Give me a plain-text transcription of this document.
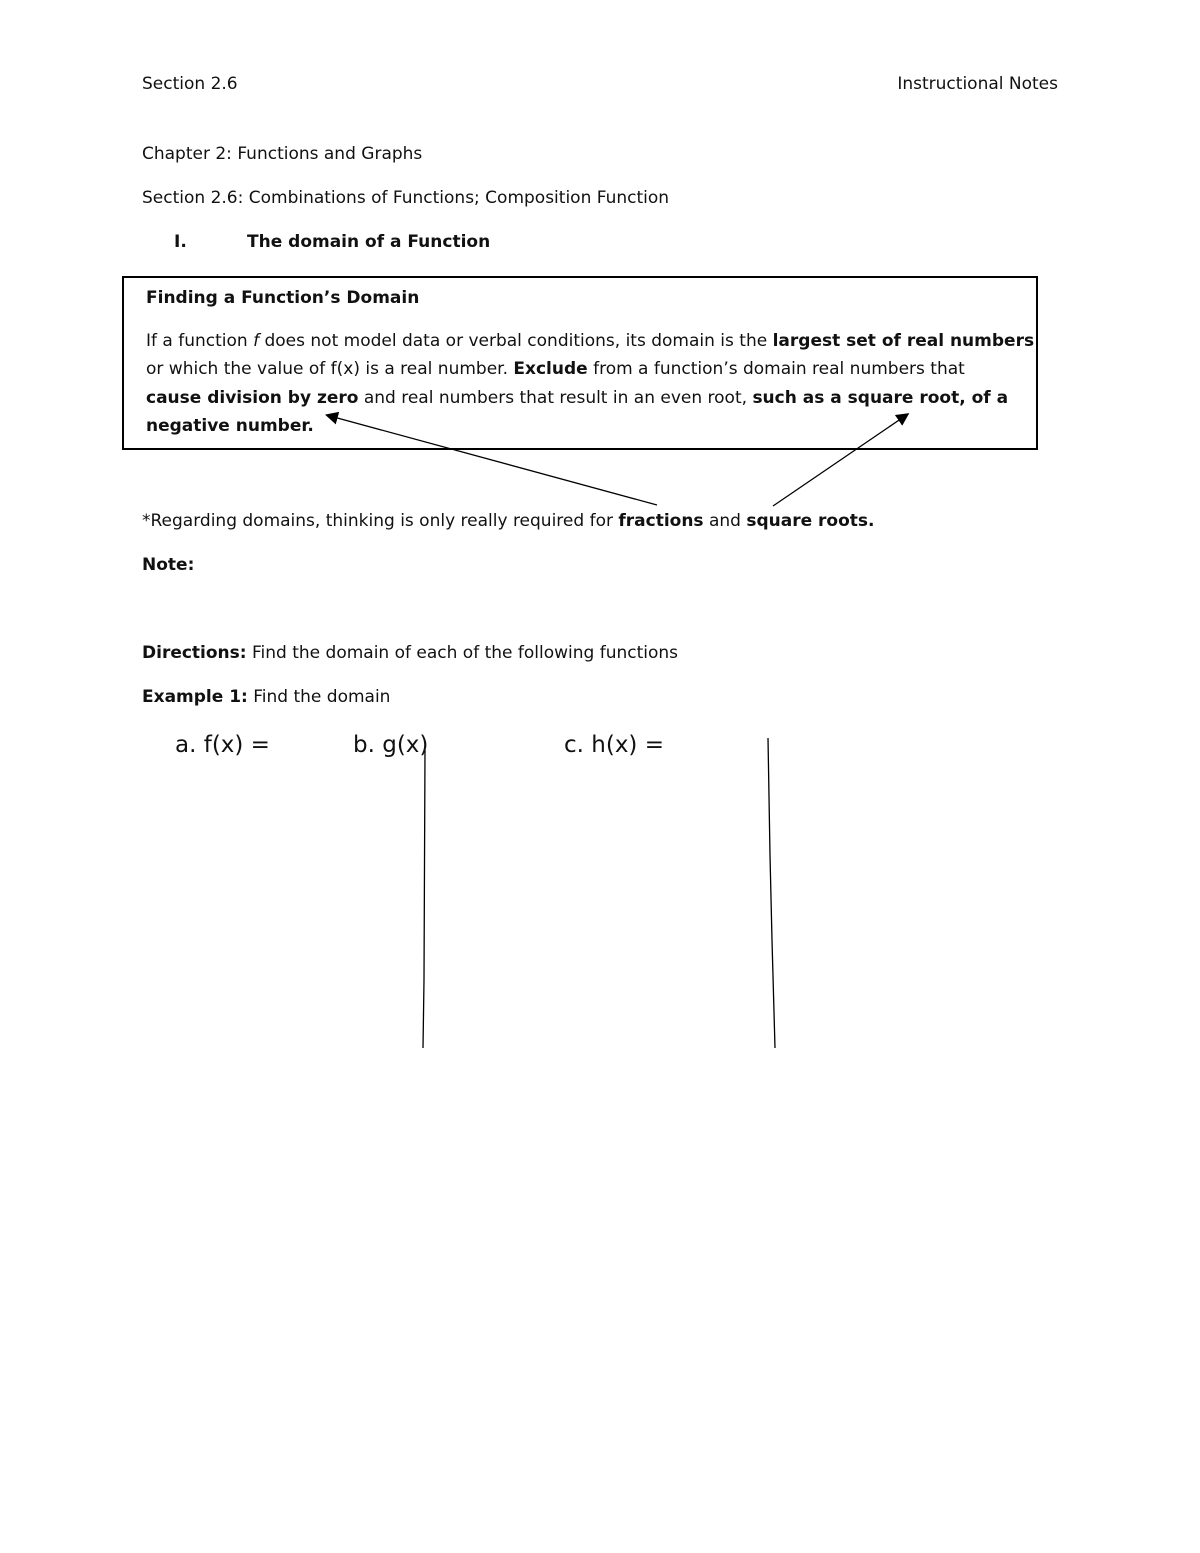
Section 2.6	Instructional Notes
Chapter 2: Functions and Graphs
Section 2.6: Combinations of Functions; Composition Function
I.	The domain of a Function
Finding a Function’s Domain
If a function f does not model data or verbal conditions, its domain is the largest set of real numbers
or which the value of f(x) is a real number. Exclude from a function’s domain real numbers that
cause division by zero and real numbers that result in an even root, such as a square root, of a
negative number.
*Regarding domains, thinking is only really required for fractions and square roots.
Note:
Directions: Find the domain of each of the following functions
Example 1: Find the domain
a. f(x) =	b. g(x)	c. h(x) =
